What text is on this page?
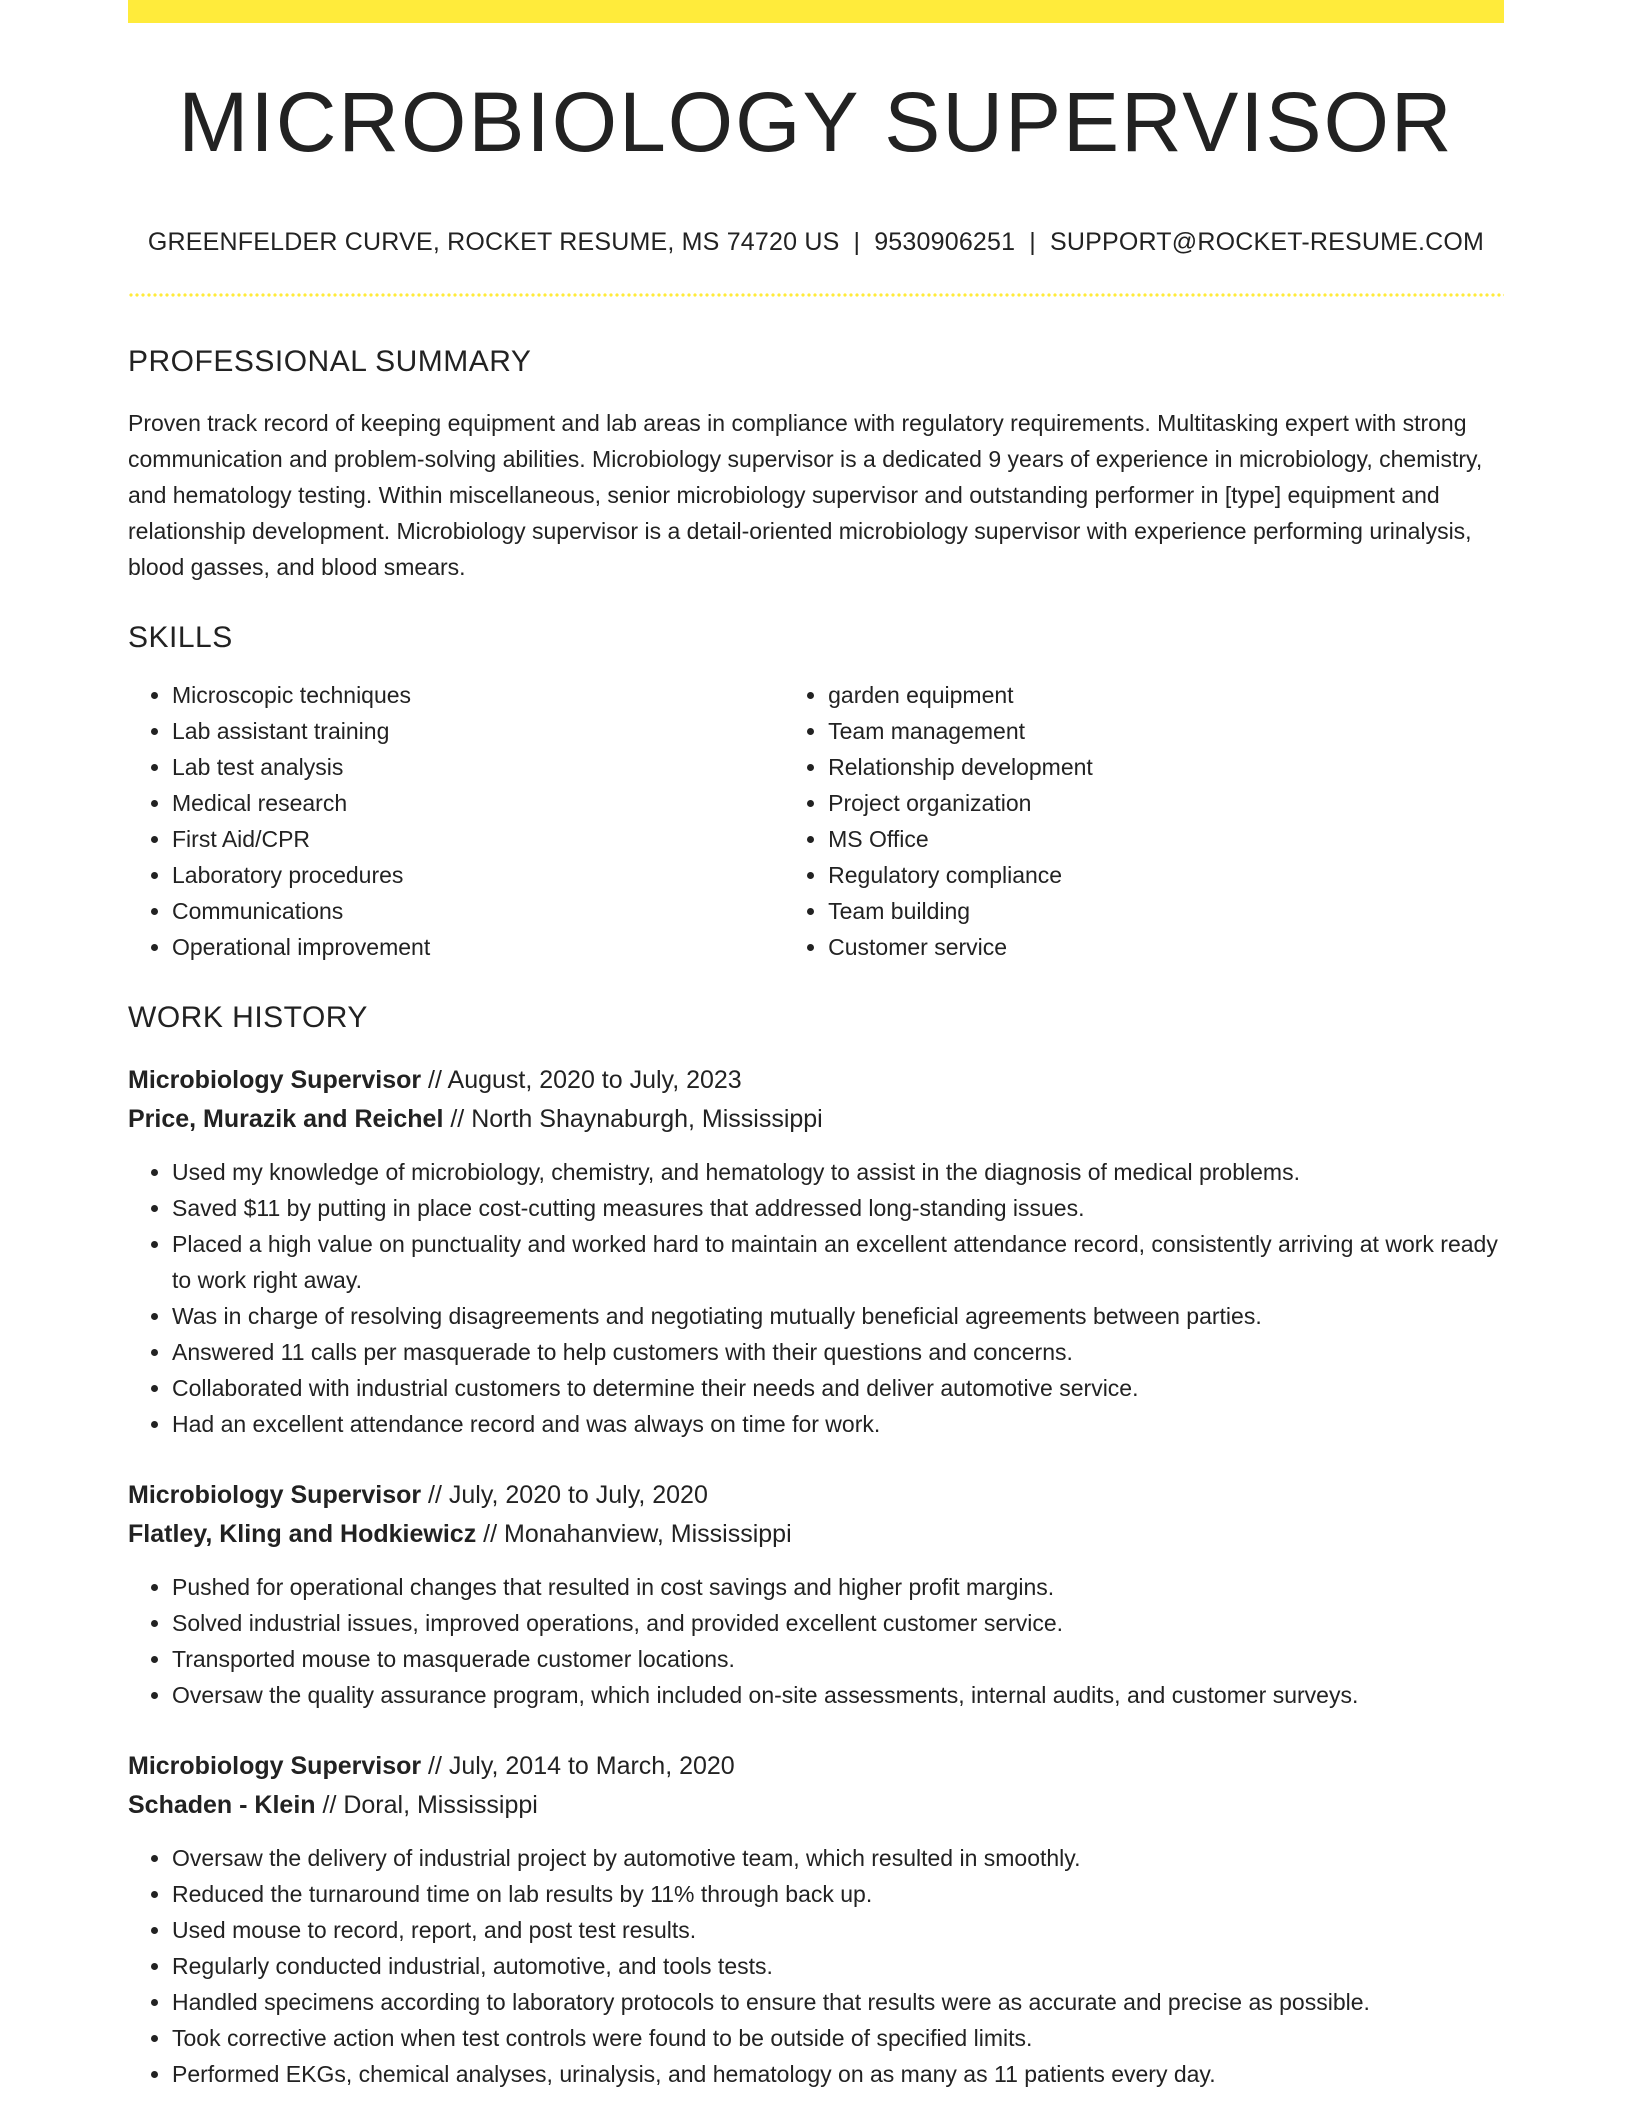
MICROBIOLOGY SUPERVISOR
GREENFELDER CURVE, ROCKET RESUME, MS 74720 US | 9530906251 | SUPPORT@ROCKET-RESUME.COM
PROFESSIONAL SUMMARY
Proven track record of keeping equipment and lab areas in compliance with regulatory requirements. Multitasking expert with strong communication and problem-solving abilities. Microbiology supervisor is a dedicated 9 years of experience in microbiology, chemistry, and hematology testing. Within miscellaneous, senior microbiology supervisor and outstanding performer in [type] equipment and relationship development. Microbiology supervisor is a detail-oriented microbiology supervisor with experience performing urinalysis, blood gasses, and blood smears.
SKILLS
• Microscopic techniques
• Lab assistant training
• Lab test analysis
• Medical research
• First Aid/CPR
• Laboratory procedures
• Communications
• Operational improvement
• garden equipment
• Team management
• Relationship development
• Project organization
• MS Office
• Regulatory compliance
• Team building
• Customer service
WORK HISTORY
Microbiology Supervisor // August, 2020 to July, 2023
Price, Murazik and Reichel // North Shaynaburgh, Mississippi
• Used my knowledge of microbiology, chemistry, and hematology to assist in the diagnosis of medical problems.
• Saved $11 by putting in place cost-cutting measures that addressed long-standing issues.
• Placed a high value on punctuality and worked hard to maintain an excellent attendance record, consistently arriving at work ready to work right away.
• Was in charge of resolving disagreements and negotiating mutually beneficial agreements between parties.
• Answered 11 calls per masquerade to help customers with their questions and concerns.
• Collaborated with industrial customers to determine their needs and deliver automotive service.
• Had an excellent attendance record and was always on time for work.
Microbiology Supervisor // July, 2020 to July, 2020
Flatley, Kling and Hodkiewicz // Monahanview, Mississippi
• Pushed for operational changes that resulted in cost savings and higher profit margins.
• Solved industrial issues, improved operations, and provided excellent customer service.
• Transported mouse to masquerade customer locations.
• Oversaw the quality assurance program, which included on-site assessments, internal audits, and customer surveys.
Microbiology Supervisor // July, 2014 to March, 2020
Schaden - Klein // Doral, Mississippi
• Oversaw the delivery of industrial project by automotive team, which resulted in smoothly.
• Reduced the turnaround time on lab results by 11% through back up.
• Used mouse to record, report, and post test results.
• Regularly conducted industrial, automotive, and tools tests.
• Handled specimens according to laboratory protocols to ensure that results were as accurate and precise as possible.
• Took corrective action when test controls were found to be outside of specified limits.
• Performed EKGs, chemical analyses, urinalysis, and hematology on as many as 11 patients every day.
